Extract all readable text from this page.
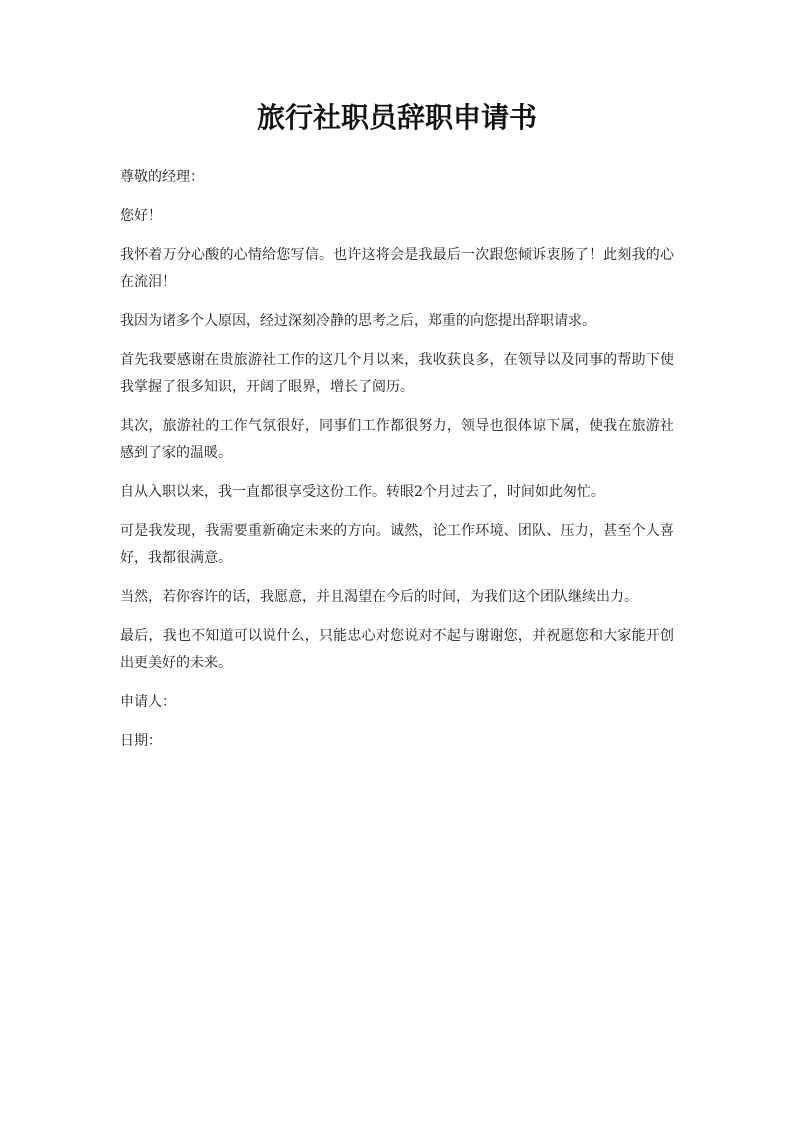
旅行社职员辞职申请书

尊敬的经理：

您好！

我怀着万分心酸的心情给您写信。也许这将会是我最后一次跟您倾诉衷肠了！此刻我的心在流泪！

我因为诸多个人原因，经过深刻冷静的思考之后，郑重的向您提出辞职请求。

首先我要感谢在贵旅游社工作的这几个月以来，我收获良多，在领导以及同事的帮助下使我掌握了很多知识，开阔了眼界，增长了阅历。

其次，旅游社的工作气氛很好，同事们工作都很努力，领导也很体谅下属，使我在旅游社感到了家的温暖。

自从入职以来，我一直都很享受这份工作。转眼2个月过去了，时间如此匆忙。

可是我发现，我需要重新确定未来的方向。诚然，论工作环境、团队、压力，甚至个人喜好，我都很满意。

当然，若你容许的话，我愿意，并且渴望在今后的时间，为我们这个团队继续出力。

最后，我也不知道可以说什么，只能忠心对您说对不起与谢谢您，并祝愿您和大家能开创出更美好的未来。

申请人：

日期：
